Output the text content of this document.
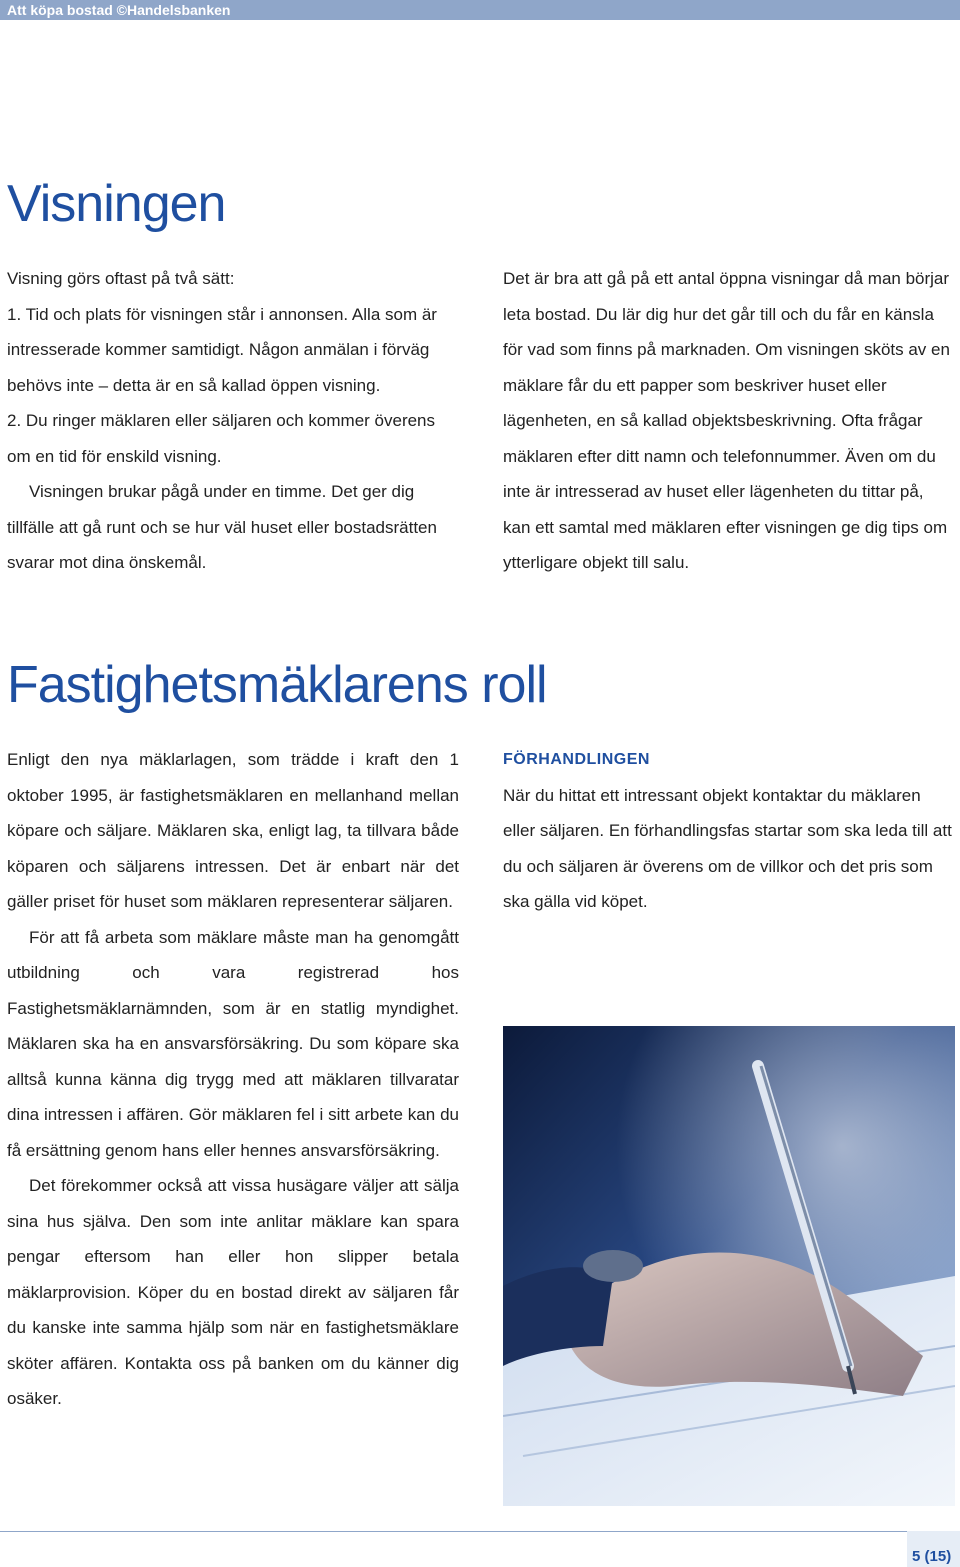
Att köpa bostad ©Handelsbanken
Visningen

Visning görs oftast på två sätt:

1. Tid och plats för visningen står i annonsen. Alla som är intresserade kommer samtidigt. Någon anmälan i förväg behövs inte – detta är en så kallad öppen visning.

2. Du ringer mäklaren eller säljaren och kommer överens om en tid för enskild visning.

Visningen brukar pågå under en timme. Det ger dig tillfälle att gå runt och se hur väl huset eller bostadsrätten svarar mot dina önskemål.

Det är bra att gå på ett antal öppna visningar då man börjar leta bostad. Du lär dig hur det går till och du får en känsla för vad som finns på marknaden. Om visningen sköts av en mäklare får du ett papper som beskriver huset eller lägenheten, en så kallad objektsbeskrivning. Ofta frågar mäklaren efter ditt namn och telefonnummer. Även om du inte är intresserad av huset eller lägenheten du tittar på, kan ett samtal med mäklaren efter visningen ge dig tips om ytterligare objekt till salu.

Fastighetsmäklarens roll

Enligt den nya mäklarlagen, som trädde i kraft den 1 oktober 1995, är fastighetsmäklaren en mellanhand mellan köpare och säljare. Mäklaren ska, enligt lag, ta tillvara både köparen och säljarens intressen. Det är enbart när det gäller priset för huset som mäklaren representerar säljaren.

För att få arbeta som mäklare måste man ha genomgått utbildning och vara registrerad hos Fastighetsmäklarnämnden, som är en statlig myndighet. Mäklaren ska ha en ansvarsförsäkring. Du som köpare ska alltså kunna känna dig trygg med att mäklaren tillvaratar dina intressen i affären. Gör mäklaren fel i sitt arbete kan du få ersättning genom hans eller hennes ansvarsförsäkring.

Det förekommer också att vissa husägare väljer att sälja sina hus själva. Den som inte anlitar mäklare kan spara pengar eftersom han eller hon slipper betala mäklarprovision. Köper du en bostad direkt av säljaren får du kanske inte samma hjälp som när en fastighetsmäklare sköter affären. Kontakta oss på banken om du känner dig osäker.

FÖRHANDLINGEN

När du hittat ett intressant objekt kontaktar du mäklaren eller säljaren. En förhandlingsfas startar som ska leda till att du och säljaren är överens om de villkor och det pris som ska gälla vid köpet.

5 (15)
